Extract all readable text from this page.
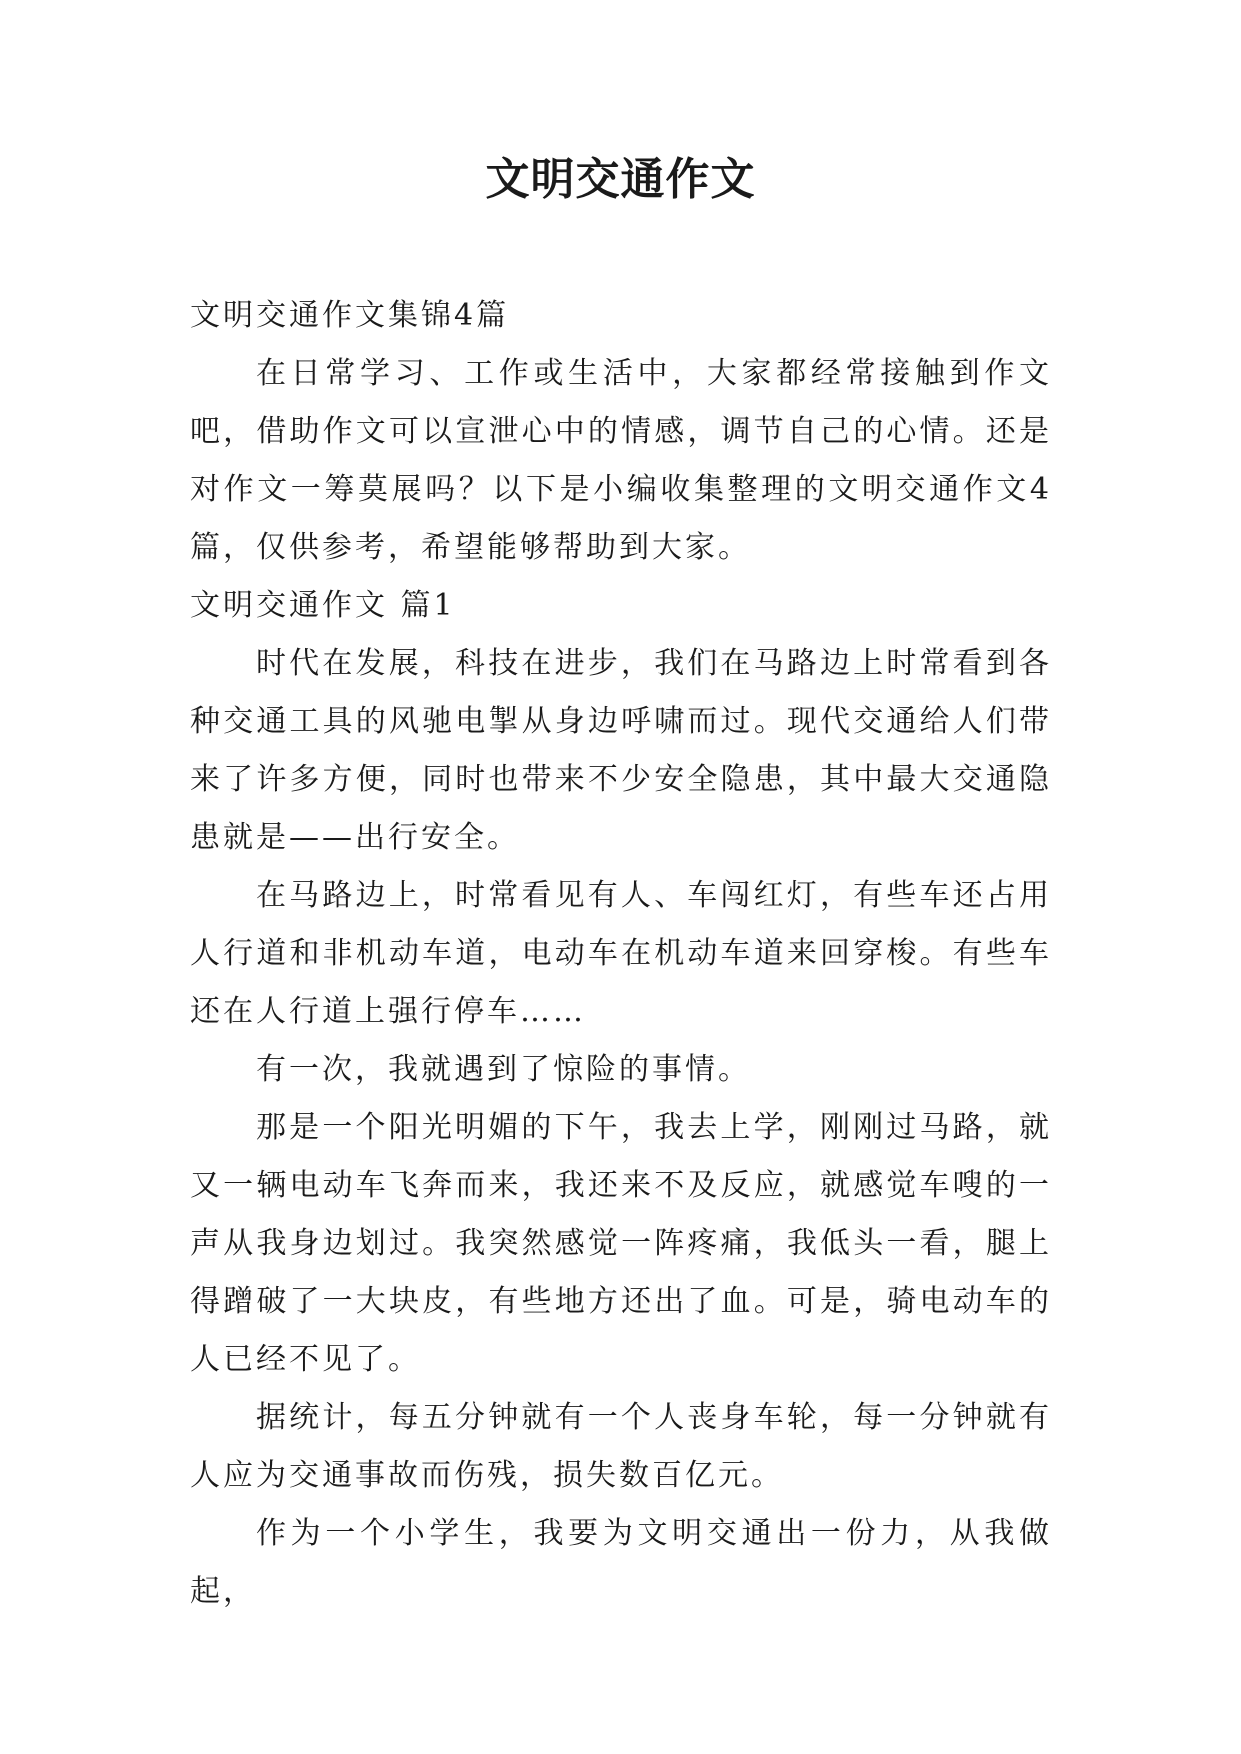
文明交通作文

文明交通作文集锦4篇

在日常学习、工作或生活中，大家都经常接触到作文吧，借助作文可以宣泄心中的情感，调节自己的心情。还是对作文一筹莫展吗？以下是小编收集整理的文明交通作文4篇，仅供参考，希望能够帮助到大家。

文明交通作文 篇1

时代在发展，科技在进步，我们在马路边上时常看到各种交通工具的风驰电掣从身边呼啸而过。现代交通给人们带来了许多方便，同时也带来不少安全隐患，其中最大交通隐患就是——出行安全。

在马路边上，时常看见有人、车闯红灯，有些车还占用人行道和非机动车道，电动车在机动车道来回穿梭。有些车还在人行道上强行停车……

有一次，我就遇到了惊险的事情。

那是一个阳光明媚的下午，我去上学，刚刚过马路，就又一辆电动车飞奔而来，我还来不及反应，就感觉车嗖的一声从我身边划过。我突然感觉一阵疼痛，我低头一看，腿上得蹭破了一大块皮，有些地方还出了血。可是，骑电动车的人已经不见了。

据统计，每五分钟就有一个人丧身车轮，每一分钟就有人应为交通事故而伤残，损失数百亿元。

作为一个小学生，我要为文明交通出一份力，从我做起，
